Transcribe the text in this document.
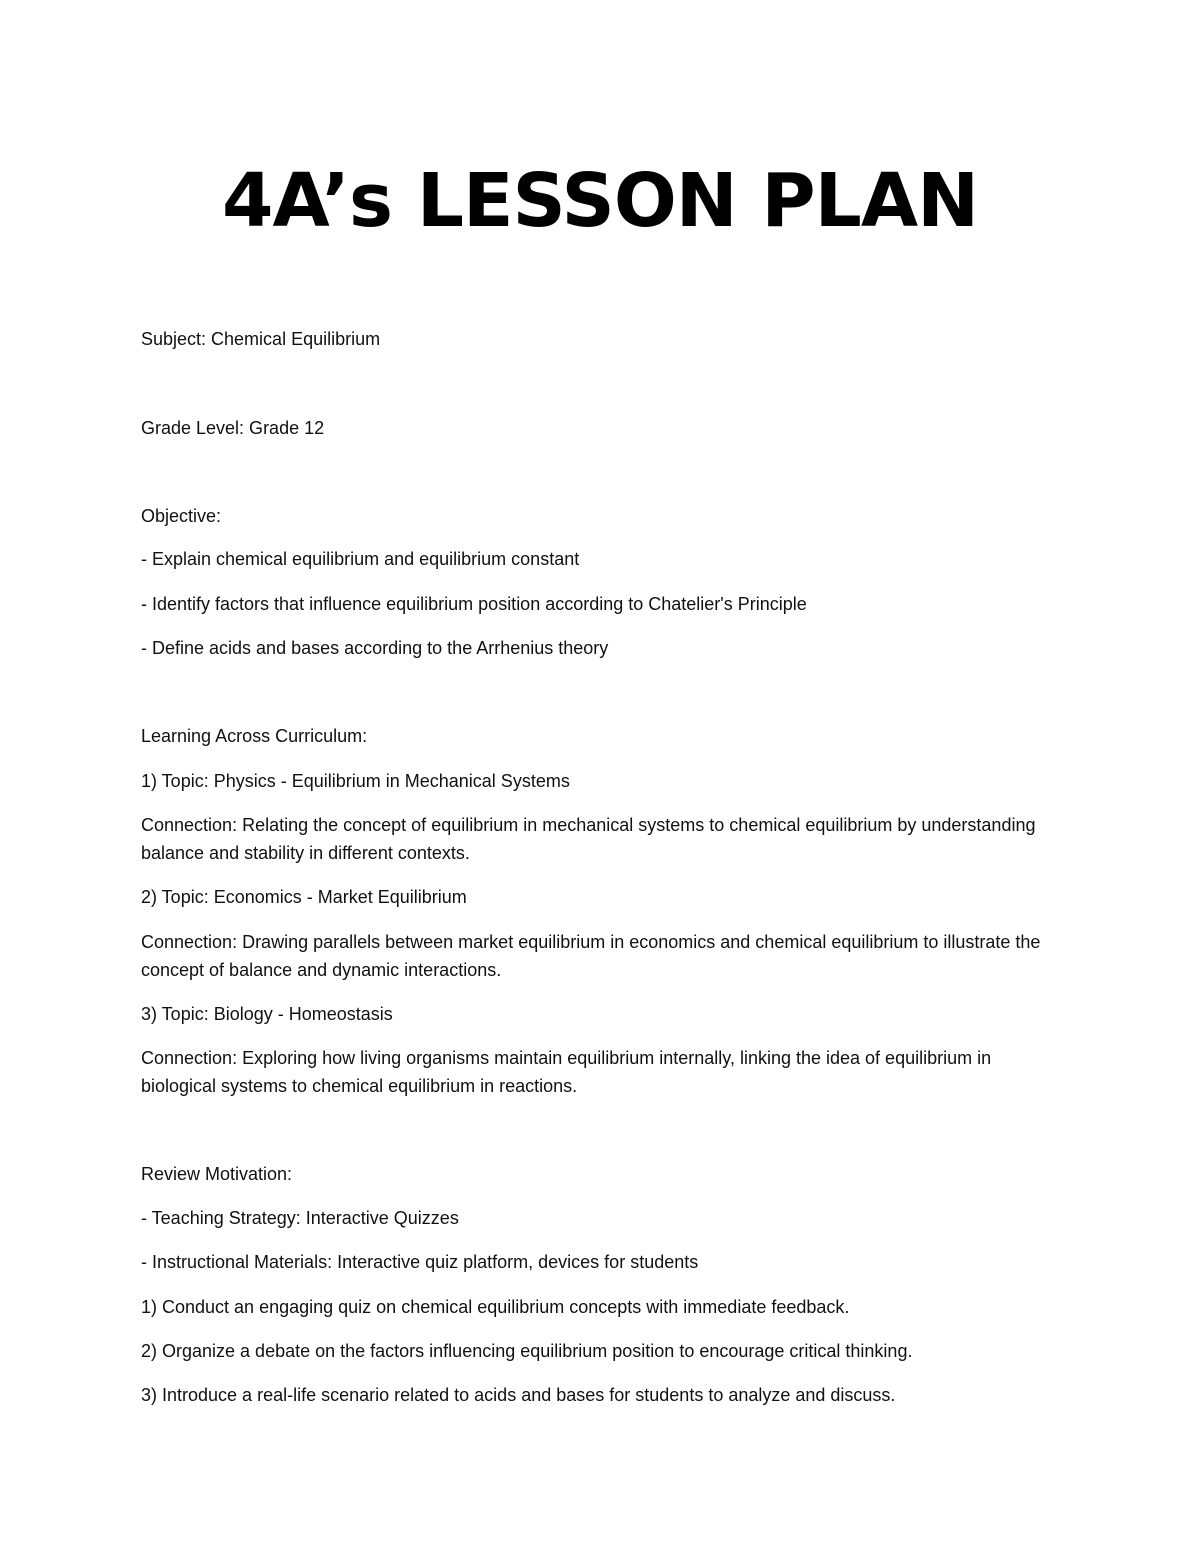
4A’s LESSON PLAN

Subject: Chemical Equilibrium

Grade Level: Grade 12

Objective:

- Explain chemical equilibrium and equilibrium constant

- Identify factors that influence equilibrium position according to Chatelier's Principle

- Define acids and bases according to the Arrhenius theory

Learning Across Curriculum:

1) Topic: Physics - Equilibrium in Mechanical Systems

Connection: Relating the concept of equilibrium in mechanical systems to chemical equilibrium by understanding balance and stability in different contexts.

2) Topic: Economics - Market Equilibrium

Connection: Drawing parallels between market equilibrium in economics and chemical equilibrium to illustrate the concept of balance and dynamic interactions.

3) Topic: Biology - Homeostasis

Connection: Exploring how living organisms maintain equilibrium internally, linking the idea of equilibrium in biological systems to chemical equilibrium in reactions.

Review Motivation:

- Teaching Strategy: Interactive Quizzes

- Instructional Materials: Interactive quiz platform, devices for students

1) Conduct an engaging quiz on chemical equilibrium concepts with immediate feedback.

2) Organize a debate on the factors influencing equilibrium position to encourage critical thinking.

3) Introduce a real-life scenario related to acids and bases for students to analyze and discuss.
